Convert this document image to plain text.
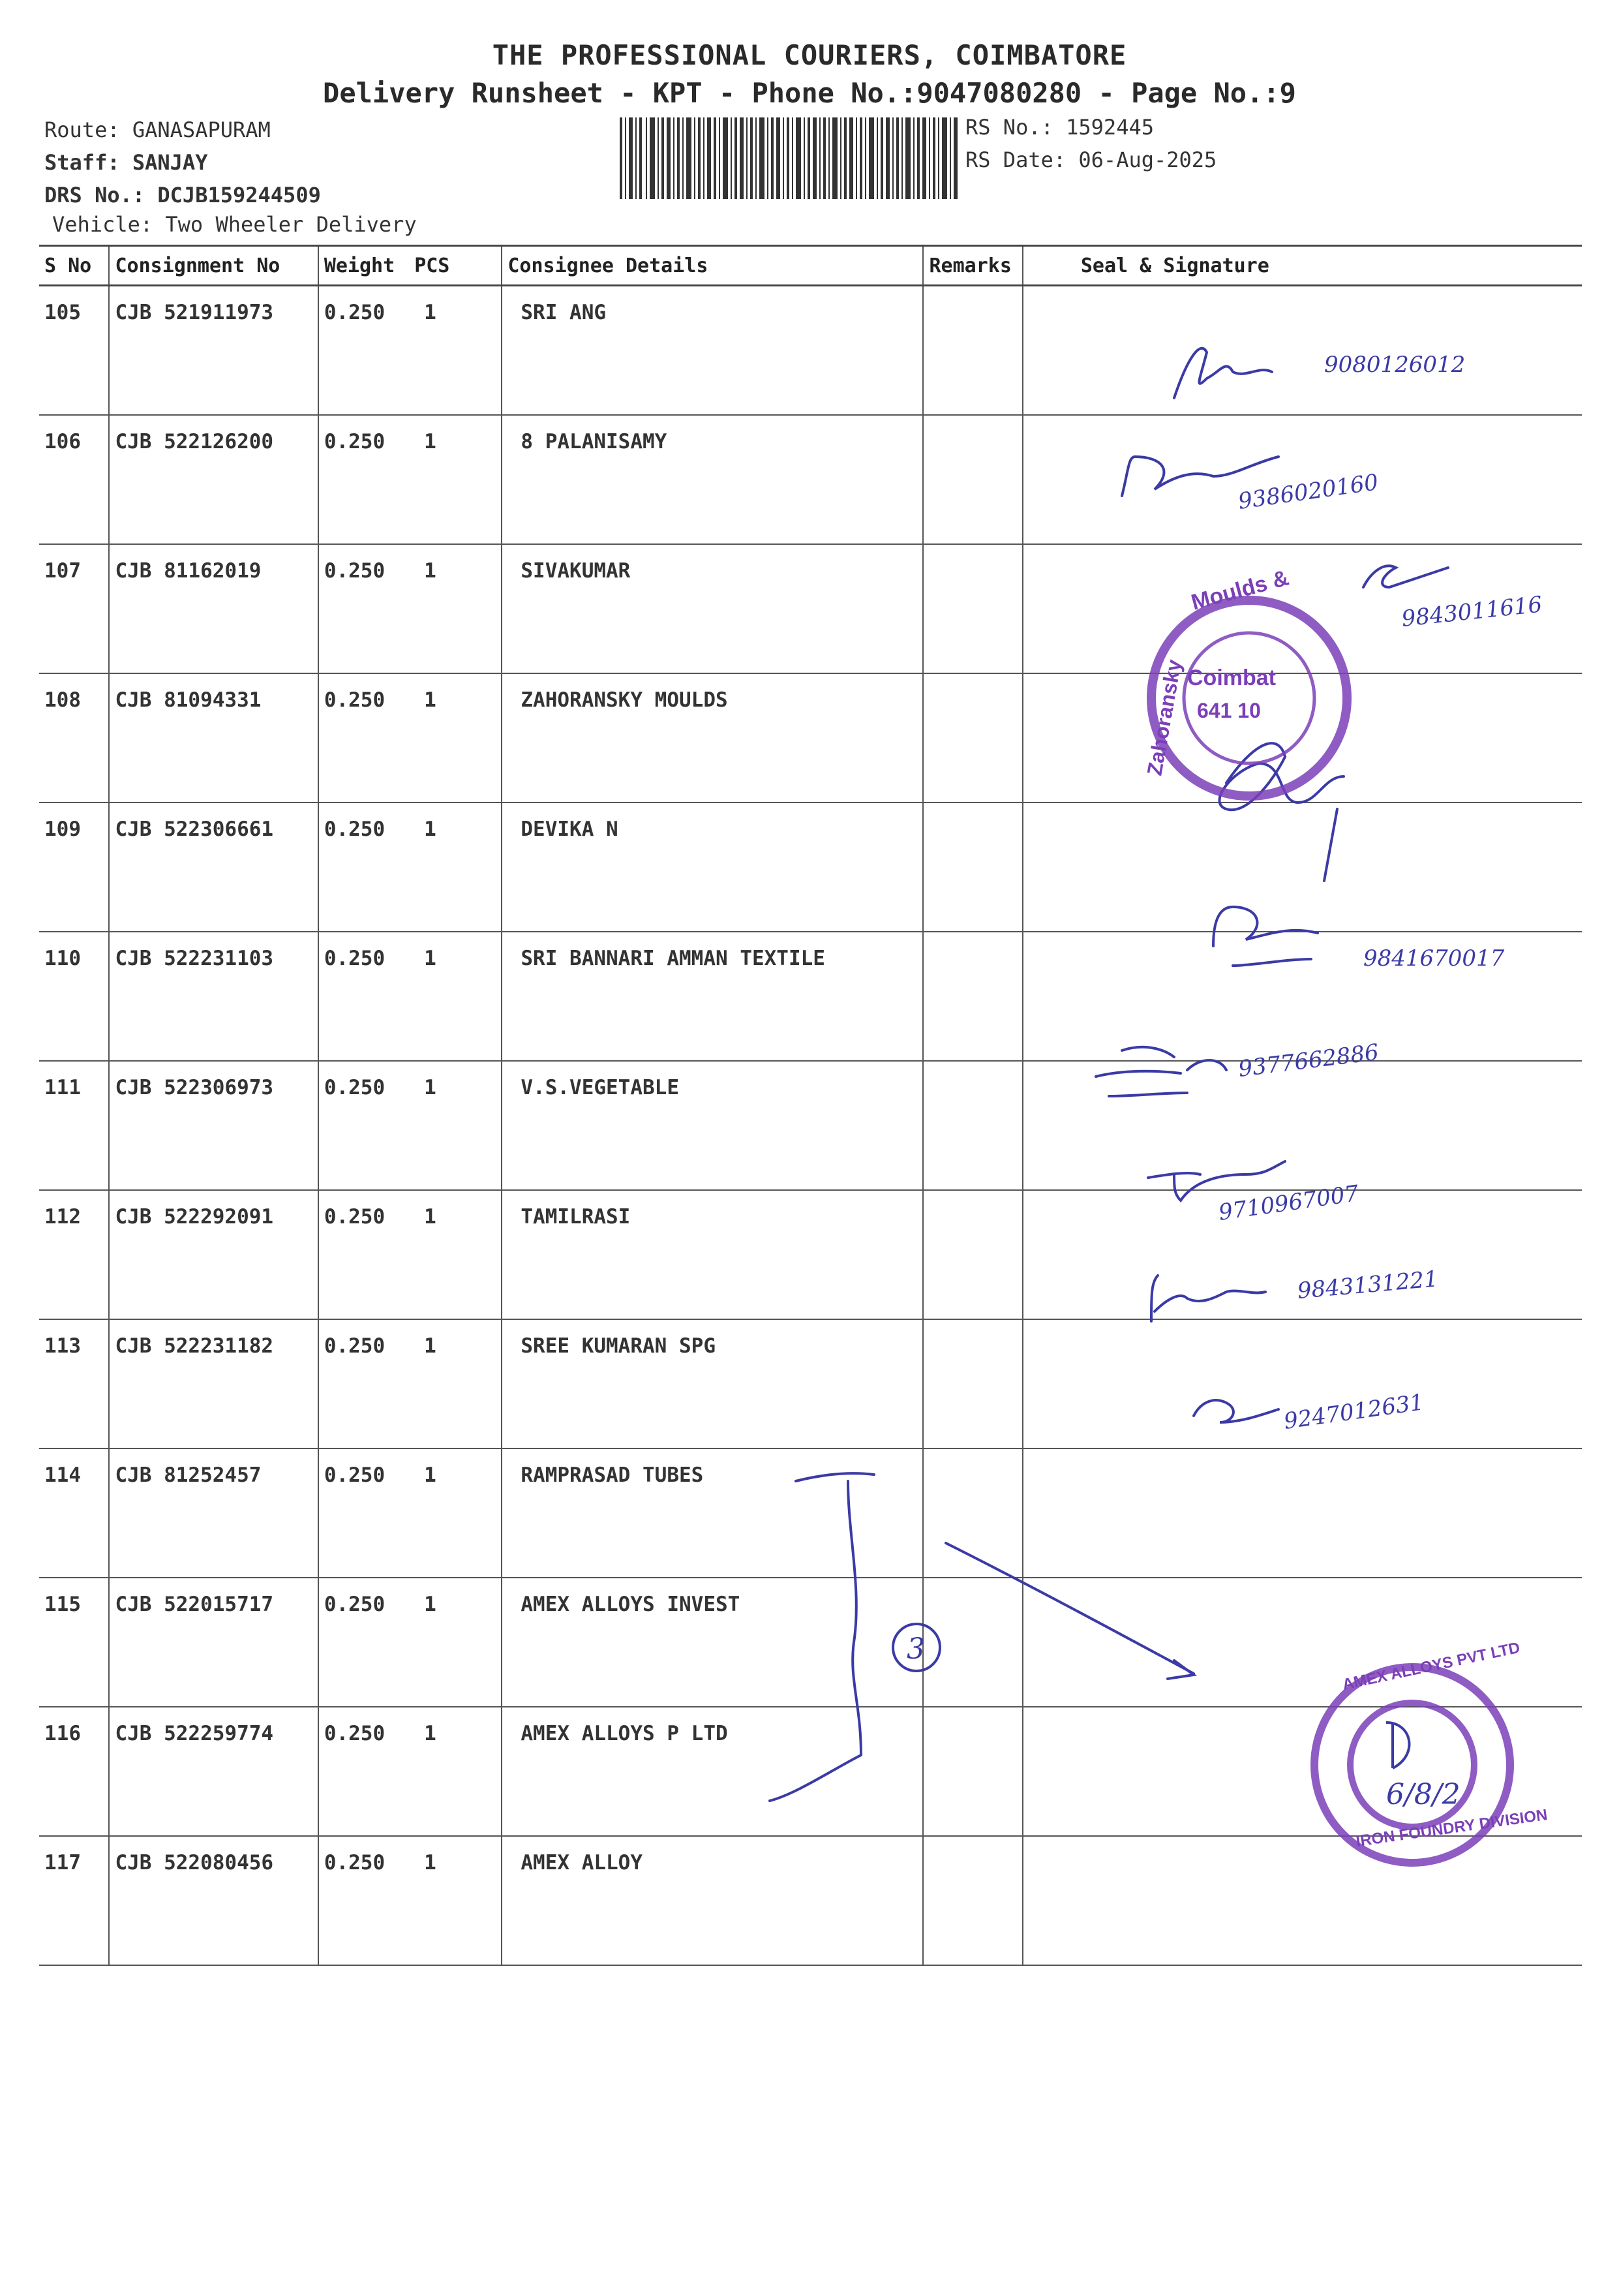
THE PROFESSIONAL COURIERS, COIMBATORE
Delivery Runsheet - KPT - Phone No.:9047080280 - Page No.:9
Route: GANASAPURAM
Staff: SANJAY
DRS No.: DCJB159244509
Vehicle: Two Wheeler Delivery
RS No.: 1592445
RS Date: 06-Aug-2025
S No	Consignment No	Weight PCS	Consignee Details	Remarks	Seal & Signature
105	CJB 521911973	0.250 1	SRI ANG		
106	CJB 522126200	0.250 1	8 PALANISAMY		
107	CJB 81162019	0.250 1	SIVAKUMAR		
108	CJB 81094331	0.250 1	ZAHORANSKY MOULDS		
109	CJB 522306661	0.250 1	DEVIKA N		
110	CJB 522231103	0.250 1	SRI BANNARI AMMAN TEXTILE		
111	CJB 522306973	0.250 1	V.S.VEGETABLE		
112	CJB 522292091	0.250 1	TAMILRASI		
113	CJB 522231182	0.250 1	SREE KUMARAN SPG		
114	CJB 81252457	0.250 1	RAMPRASAD TUBES		
115	CJB 522015717	0.250 1	AMEX ALLOYS INVEST		
116	CJB 522259774	0.250 1	AMEX ALLOYS P LTD		
117	CJB 522080456	0.250 1	AMEX ALLOY		
9080126012
9386020160
9843011616
9841670017
9377662886
9710967007
9843131221
9247012631
3
Moulds &
Zahoransky Coimbat
641 10
AMEX ALLOYS PVT LTD
IRON FOUNDRY DIVISION
6/8/2
